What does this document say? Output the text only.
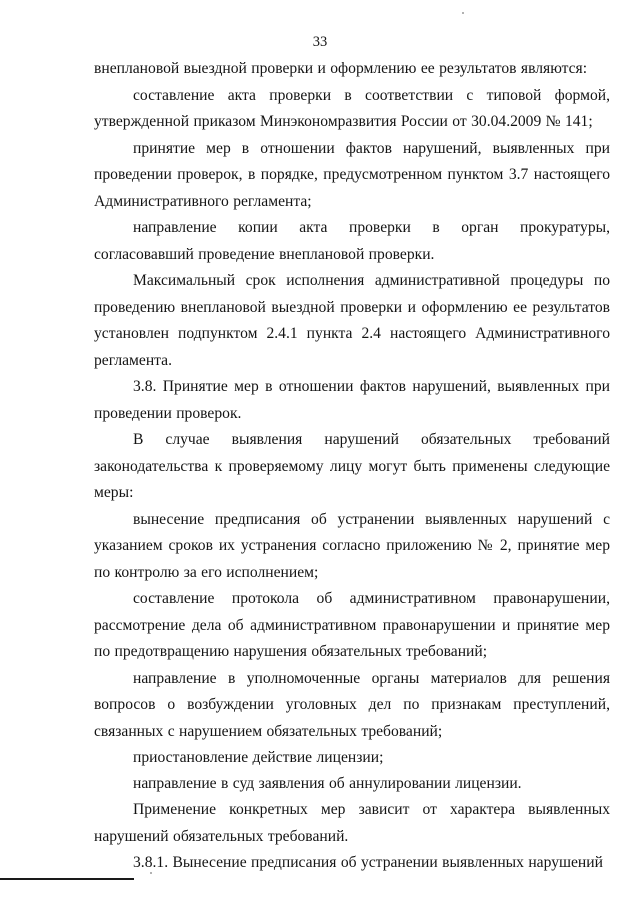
33

внеплановой выездной проверки и оформлению ее результатов являются:

составление акта проверки в соответствии с типовой формой, утвержденной приказом Минэкономразвития России от 30.04.2009 № 141;

принятие мер в отношении фактов нарушений, выявленных при проведении проверок, в порядке, предусмотренном пунктом 3.7 настоящего Административного регламента;

направление копии акта проверки в орган прокуратуры, согласовавший проведение внеплановой проверки.

Максимальный срок исполнения административной процедуры по проведению внеплановой выездной проверки и оформлению ее результатов установлен подпунктом 2.4.1 пункта 2.4 настоящего Административного регламента.

3.8. Принятие мер в отношении фактов нарушений, выявленных при проведении проверок.

В случае выявления нарушений обязательных требований законодательства к проверяемому лицу могут быть применены следующие меры:

вынесение предписания об устранении выявленных нарушений с указанием сроков их устранения согласно приложению № 2, принятие мер по контролю за его исполнением;

составление протокола об административном правонарушении, рассмотрение дела об административном правонарушении и принятие мер по предотвращению нарушения обязательных требований;

направление в уполномоченные органы материалов для решения вопросов о возбуждении уголовных дел по признакам преступлений, связанных с нарушением обязательных требований;

приостановление действие лицензии;

направление в суд заявления об аннулировании лицензии.

Применение конкретных мер зависит от характера выявленных нарушений обязательных требований.

3.8.1. Вынесение предписания об устранении выявленных нарушений
